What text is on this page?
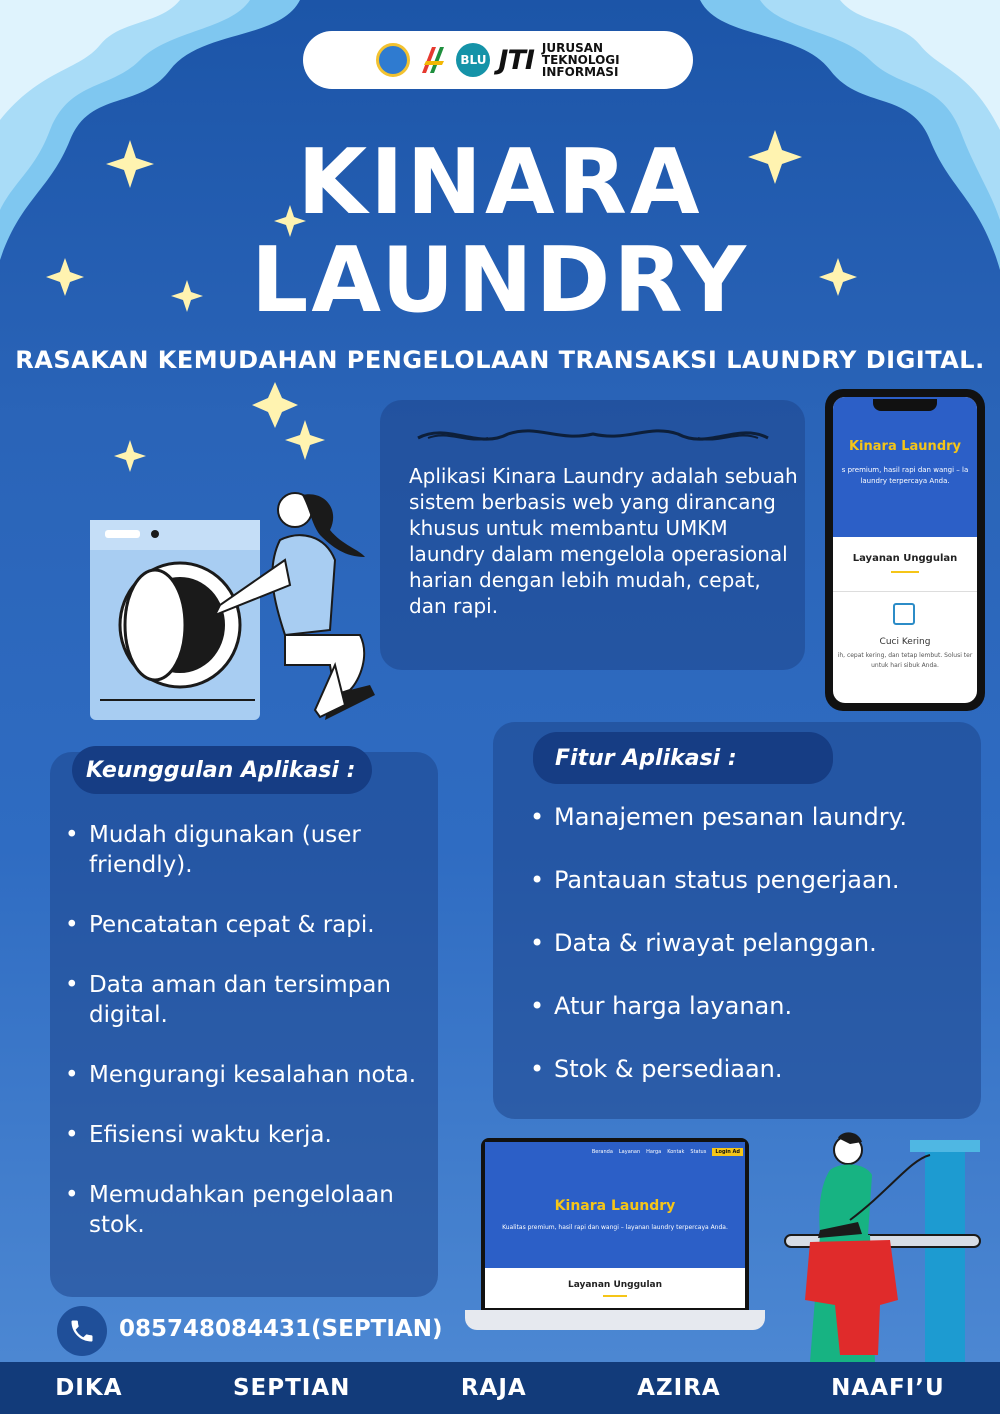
BLU JTI JURUSAN
TEKNOLOGI
INFORMASI
KINARA
LAUNDRY
RASAKAN KEMUDAHAN PENGELOLAAN TRANSAKSI LAUNDRY DIGITAL.
Aplikasi Kinara Laundry adalah sebuah sistem berbasis web yang dirancang khusus untuk membantu UMKM laundry dalam mengelola operasional harian dengan lebih mudah, cepat, dan rapi.
Kinara Laundry
s premium, hasil rapi dan wangi – la laundry terpercaya Anda.
Layanan Unggulan
Cuci Kering
ih, cepat kering, dan tetap lembut. Solusi ter untuk hari sibuk Anda.
Keunggulan Aplikasi :
• Mudah digunakan (user friendly).
• Pencatatan cepat & rapi.
• Data aman dan tersimpan digital.
• Mengurangi kesalahan nota.
• Efisiensi waktu kerja.
• Memudahkan pengelolaan stok.
Fitur Aplikasi :
• Manajemen pesanan laundry.
• Pantauan status pengerjaan.
• Data & riwayat pelanggan.
• Atur harga layanan.
• Stok & persediaan.
Beranda Layanan Harga Kontak Status	Login Ad
Kinara Laundry
Kualitas premium, hasil rapi dan wangi – layanan laundry terpercaya Anda.
Layanan Unggulan
085748084431(SEPTIAN)
DIKA	SEPTIAN	RAJA	AZIRA	NAAFI’U
